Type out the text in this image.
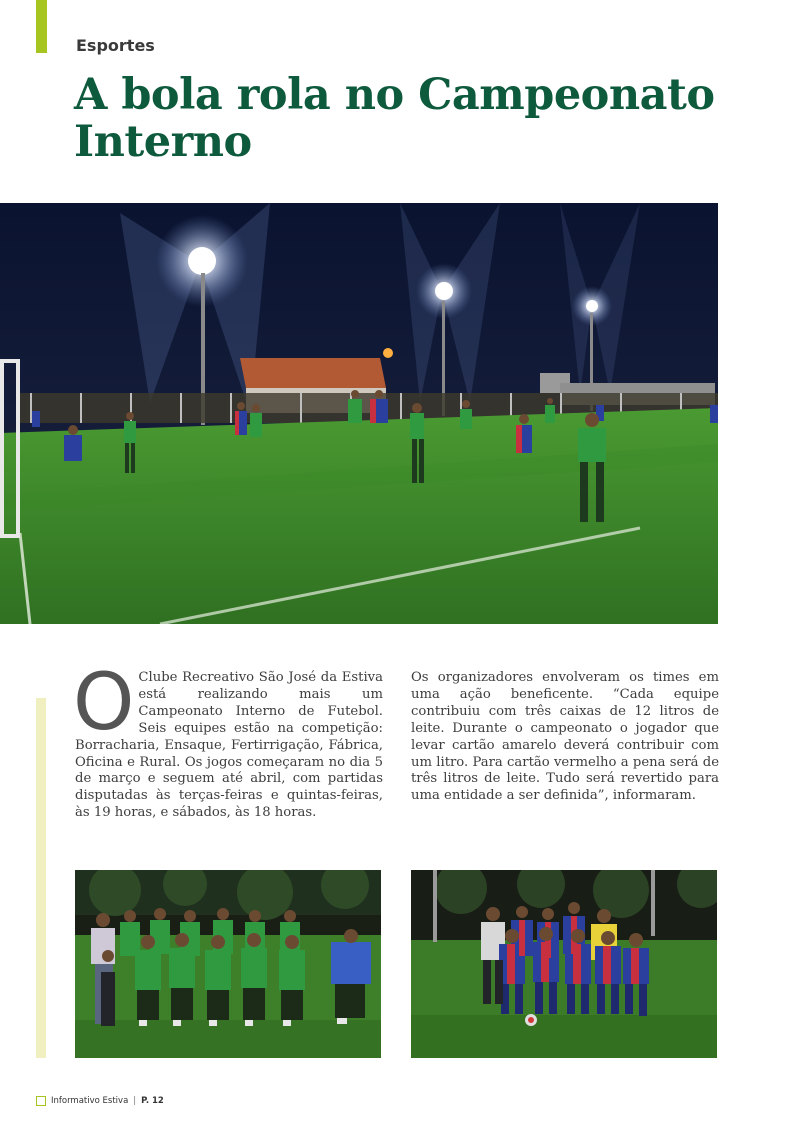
Esportes
A bola rola no Campeonato Interno
O Clube Recreativo São José da Estiva está realizando mais um Campeonato Interno de Futebol. Seis equipes estão na competição: Borracharia, Ensaque, Fertirrigação, Fábrica, Oficina e Rural. Os jogos começaram no dia 5 de março e seguem até abril, com partidas disputadas às terças-feiras e quintas-feiras, às 19 horas, e sábados, às 18 horas.

Os organizadores envolveram os times em uma ação beneficente. “Cada equipe contribuiu com três caixas de 12 litros de leite. Durante o campeonato o jogador que levar cartão amarelo deverá contribuir com um litro. Para cartão vermelho a pena será de três litros de leite. Tudo será revertido para uma entidade a ser definida”, informaram.

Informativo Estiva | P. 12
